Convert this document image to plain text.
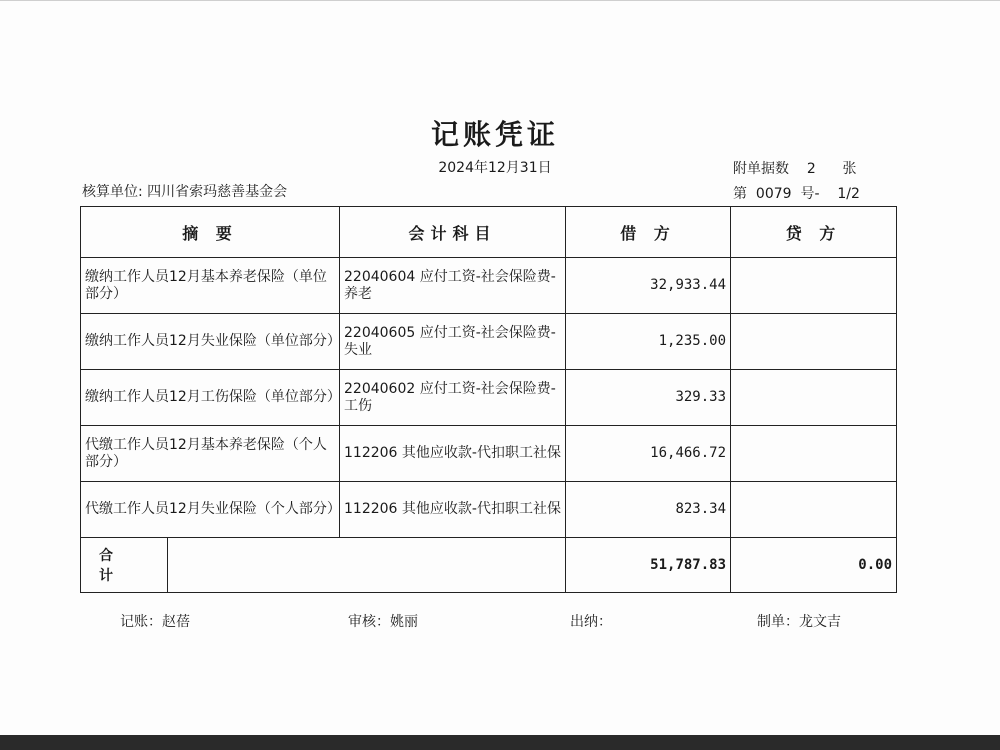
记账凭证
2024年12月31日
核算单位: 四川省索玛慈善基金会
附单据数 2 张
第 0079 号- 1/2
摘 要		会计科目	借 方	贷 方
缴纳工作人员12月基本养老保险（单位部分）		22040604 应付工资-社会保险费-养老	32,933.44	
缴纳工作人员12月失业保险（单位部分）		22040605 应付工资-社会保险费-失业	1,235.00	
缴纳工作人员12月工伤保险（单位部分）		22040602 应付工资-社会保险费-工伤	329.33	
代缴工作人员12月基本养老保险（个人部分）		112206 其他应收款-代扣职工社保	16,466.72	
代缴工作人员12月失业保险（个人部分）		112206 其他应收款-代扣职工社保	823.34	
合 计			51,787.83	0.00
记账：赵蓓	审核：姚丽	出纳：	制单：龙文吉
